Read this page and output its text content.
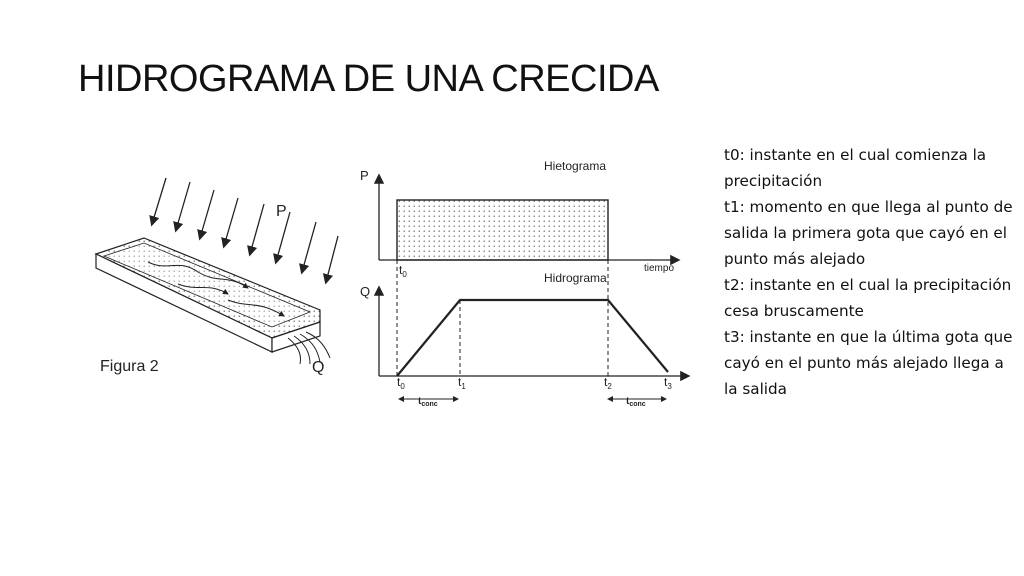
HIDROGRAMA DE UNA CRECIDA
P
Q
Figura 2
P
Hietograma
$t_0$
tiempo
Q
Hidrograma
$t_0$	$t_1$	$t_2$	$t_3$
$t_{conc}$	$t_{conc}$

t0: instante en el cual comienza la precipitación

t1: momento en que llega al punto de salida la primera gota que cayó en el punto más alejado

t2: instante en el cual la precipitación cesa bruscamente

t3: instante en que la última gota que cayó en el punto más alejado llega a la salida
